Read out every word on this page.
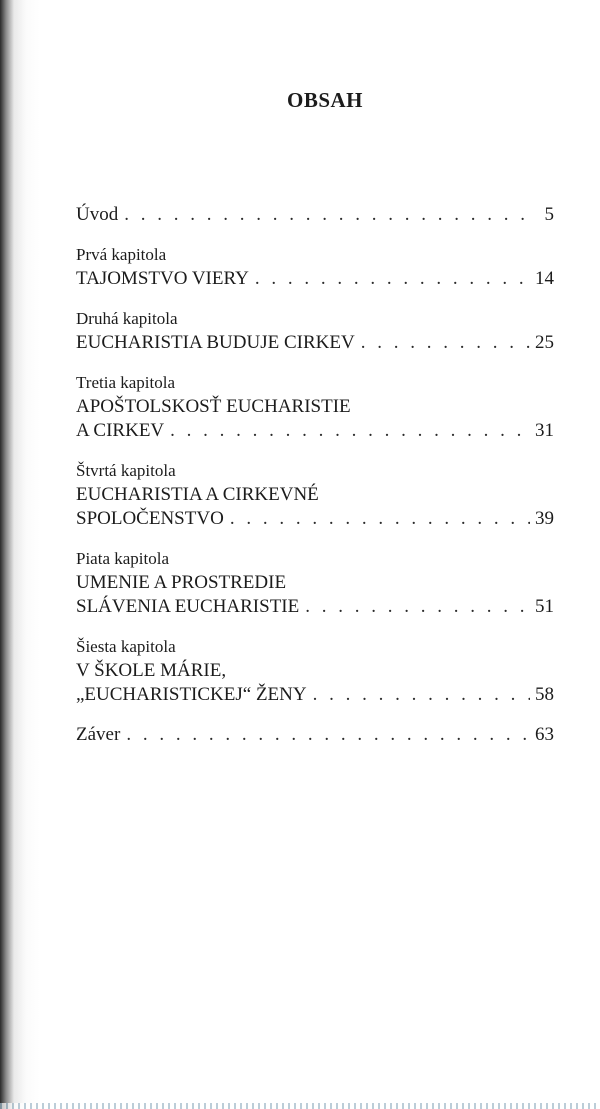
OBSAH
Úvod . . .	5
Prvá kapitola
TAJOMSTVO VIERY . . .	14
Druhá kapitola
EUCHARISTIA BUDUJE CIRKEV . . .	25
Tretia kapitola
APOŠTOLSKOSŤ EUCHARISTIE
A CIRKEV . . .	31
Štvrtá kapitola
EUCHARISTIA A CIRKEVNÉ
SPOLOČENSTVO . . .	39
Piata kapitola
UMENIE A PROSTREDIE
SLÁVENIA EUCHARISTIE . . .	51
Šiesta kapitola
V ŠKOLE MÁRIE,
„EUCHARISTICKEJ“ ŽENY . . .	58
Záver . . .	63
